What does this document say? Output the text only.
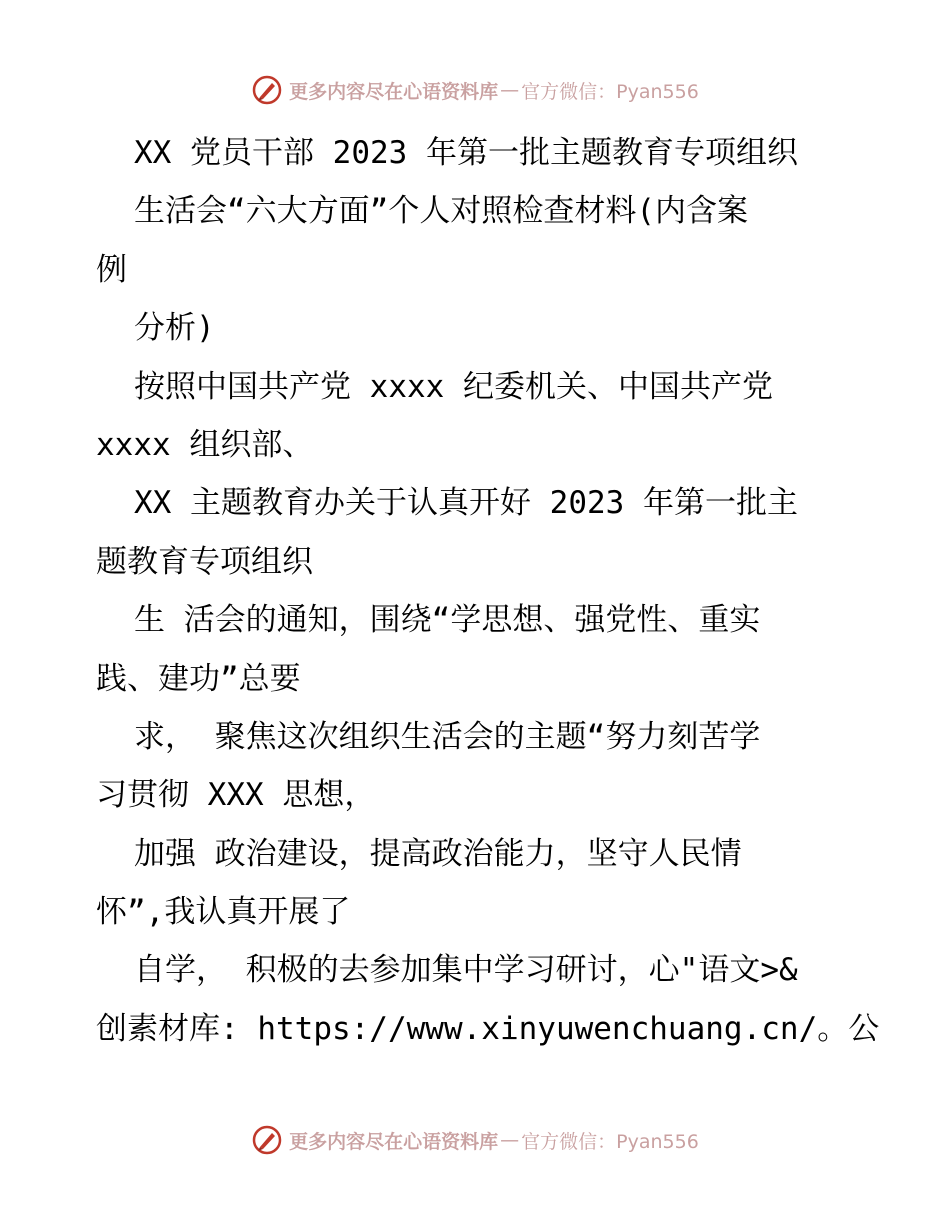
更多内容尽在心语资料库 — 官方微信：Pyan556
XX 党员干部 2023 年第一批主题教育专项组织
生活会“六大方面”个人对照检查材料(内含案
例
分析)
按照中国共产党 xxxx 纪委机关、中国共产党
xxxx 组织部、
XX 主题教育办关于认真开好 2023 年第一批主
题教育专项组织
生 活会的通知，围绕“学思想、强党性、重实
践、建功”总要
求， 聚焦这次组织生活会的主题“努力刻苦学
习贯彻 XXX 思想，
加强 政治建设，提高政治能力，坚守人民情
怀”,我认真开展了
自学， 积极的去参加集中学习研讨，心"语文>&
创素材库: https://www.xinyuwenchuang.cn/。公
更多内容尽在心语资料库 — 官方微信：Pyan556
